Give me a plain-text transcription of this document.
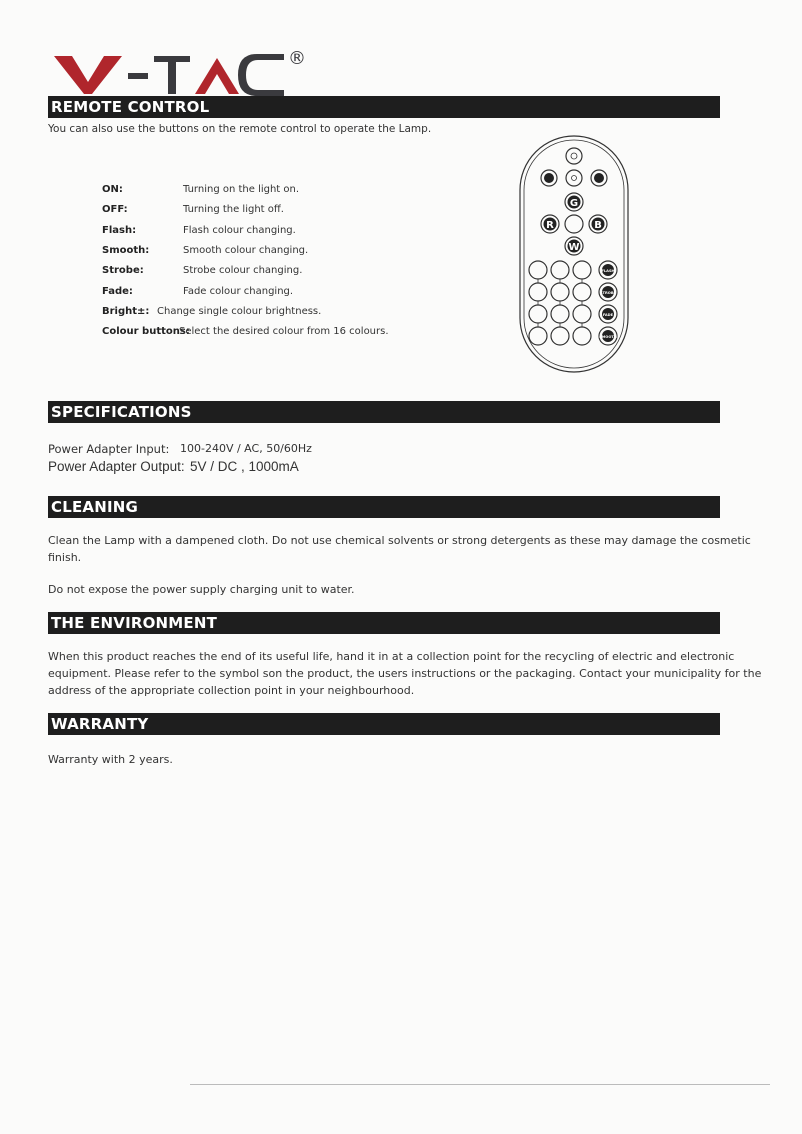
®
V-TAC
REMOTE CONTROL
You can also use the buttons on the remote control to operate the Lamp.
ON:	Turning on the light on.
OFF:	Turning the light off.
Flash:	Flash colour changing.
Smooth:	Smooth colour changing.
Strobe:	Strobe colour changing.
Fade:	Fade colour changing.
Bright±: Change single colour brightness.
Colour buttons:
Select the desired colour from 16 colours.
G
R	B
W
FLASH
STROBE
FADE
SMOOTH
SPECIFICATIONS
Power Adapter Input: 100-240V / AC, 50/60Hz
Power Adapter Output: 5V / DC , 1000mA
CLEANING
Clean the Lamp with a dampened cloth. Do not use chemical solvents or strong detergents as these may damage the cosmetic
finish.
Do not expose the power supply charging unit to water.
THE ENVIRONMENT
When this product reaches the end of its useful life, hand it in at a collection point for the recycling of electric and electronic
equipment. Please refer to the symbol son the product, the users instructions or the packaging. Contact your municipality for the
address of the appropriate collection point in your neighbourhood.
WARRANTY
Warranty with 2 years.
